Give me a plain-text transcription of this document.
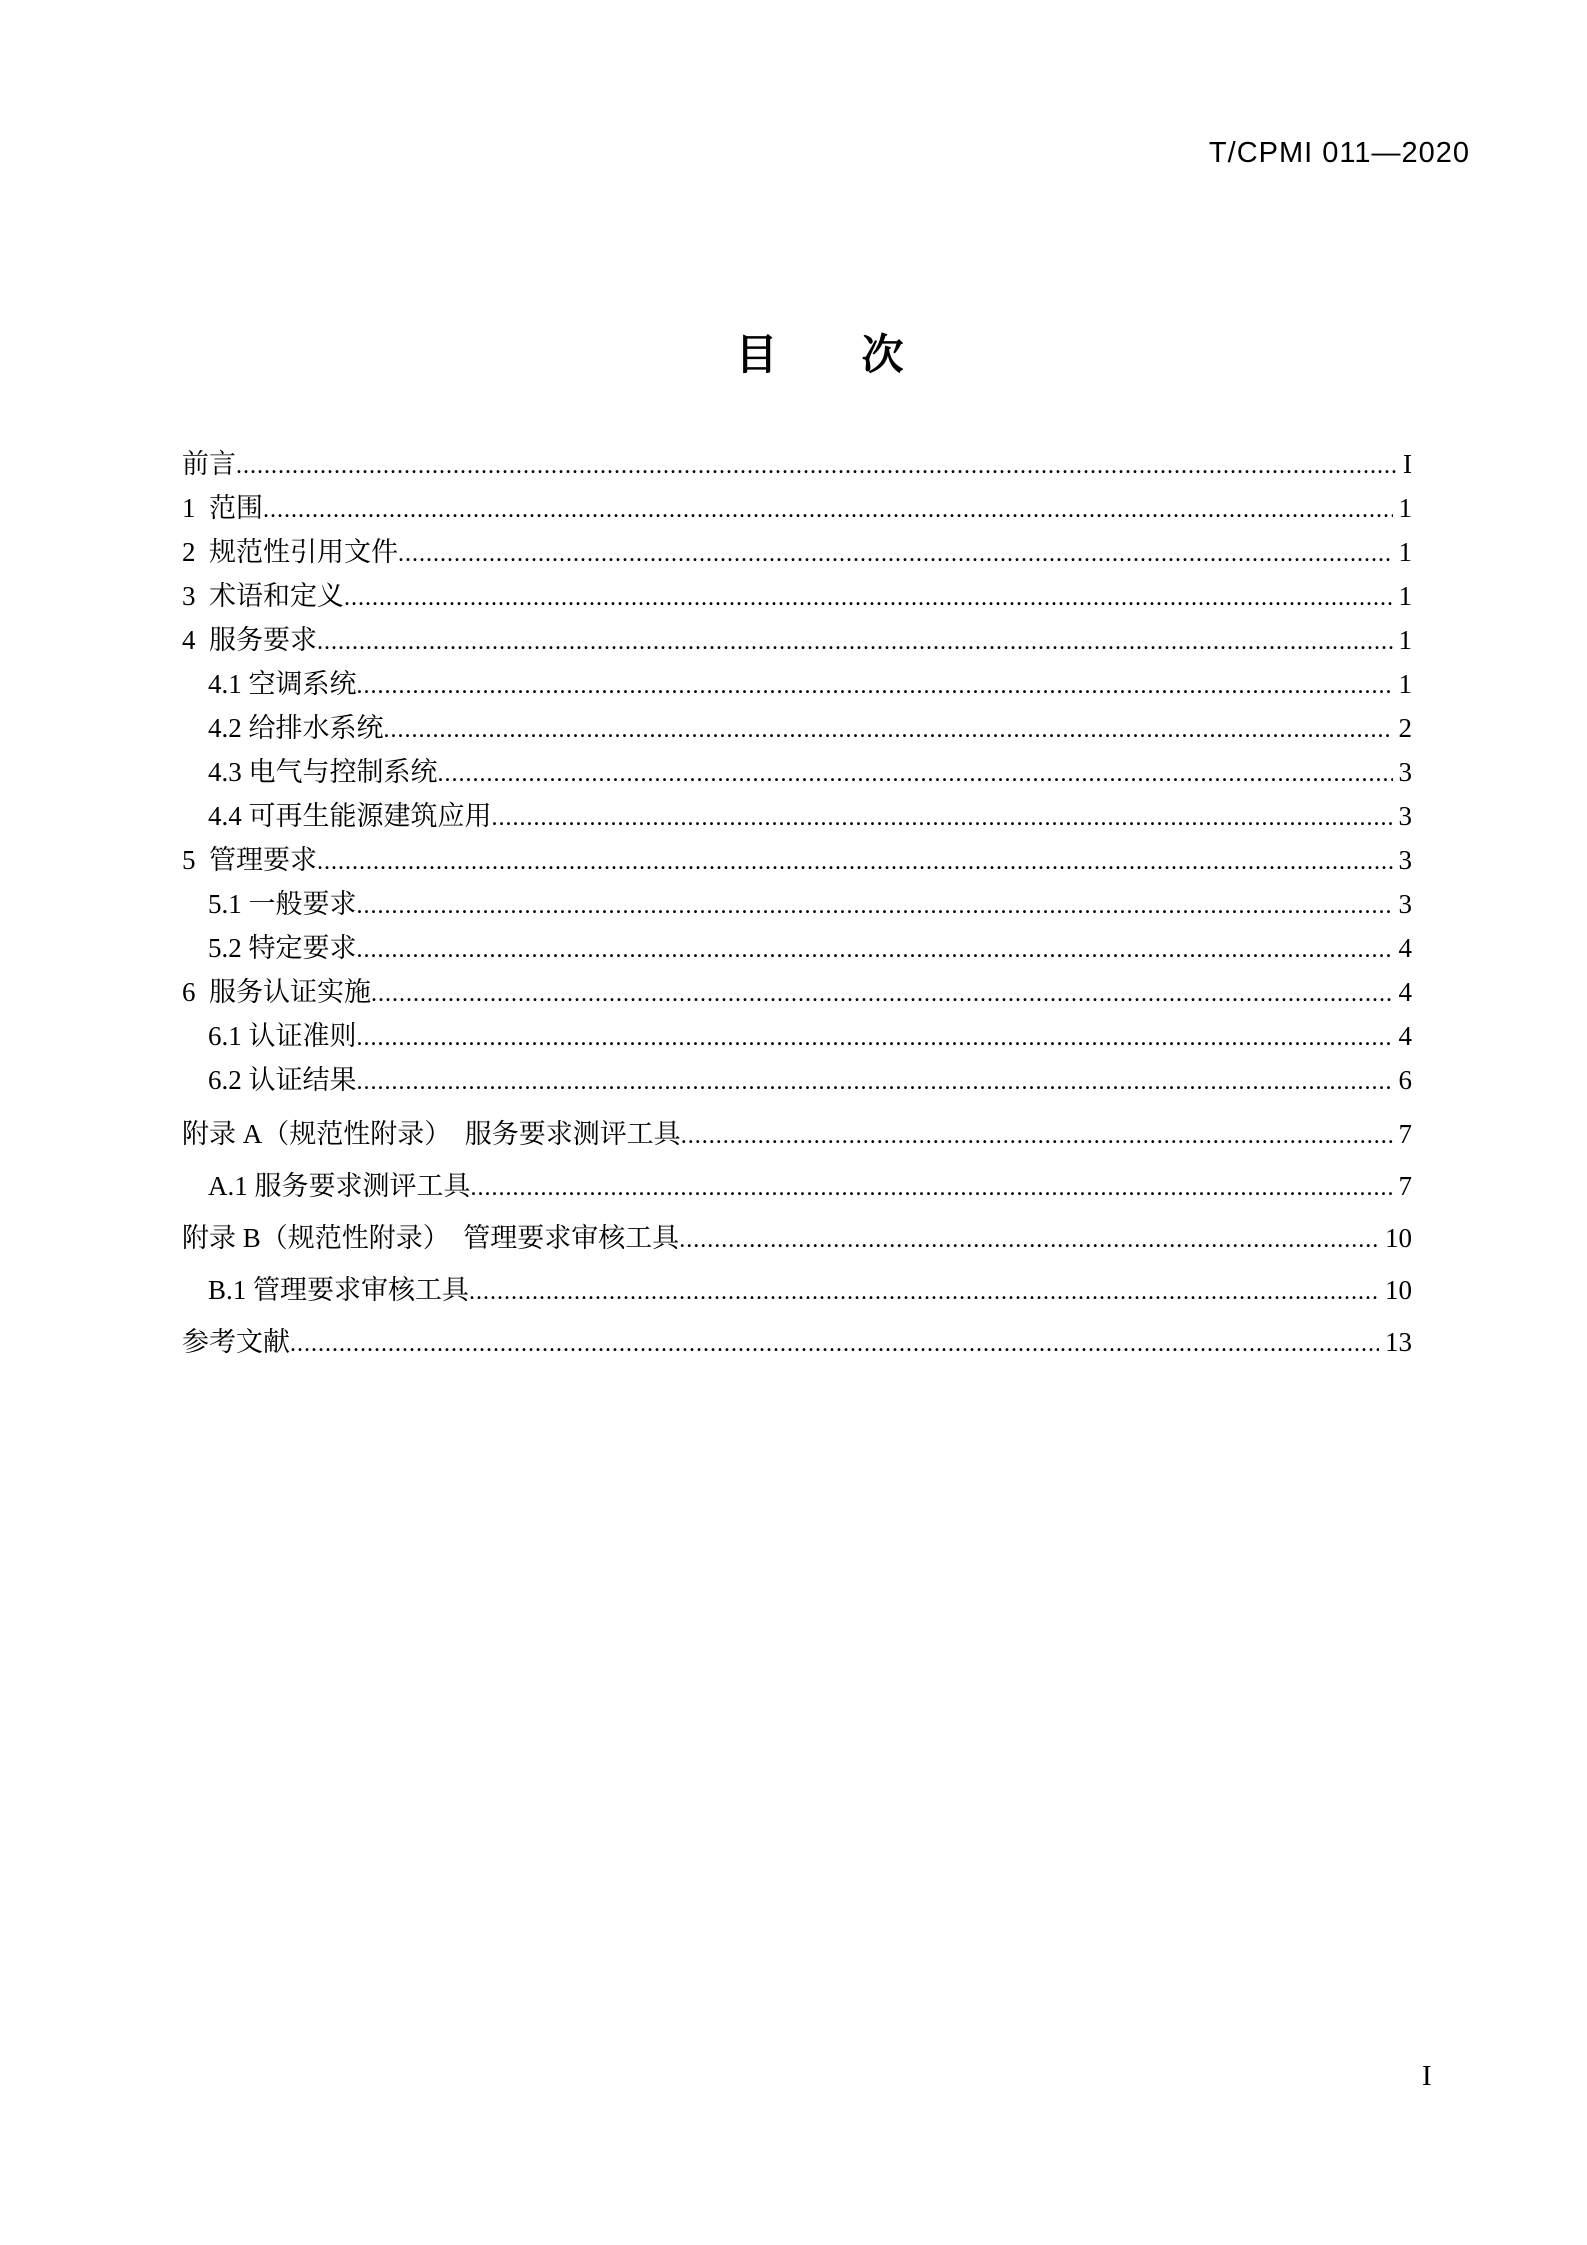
T/CPMI 011—2020
目　　次
前言 .....	I
1  范围 .....	1
2  规范性引用文件 .....	1
3  术语和定义 .....	1
4  服务要求 .....	1
4.1 空调系统 .....	1
4.2 给排水系统 .....	2
4.3 电气与控制系统 .....	3
4.4 可再生能源建筑应用 .....	3
5  管理要求 .....	3
5.1 一般要求 .....	3
5.2 特定要求 .....	4
6  服务认证实施 .....	4
6.1 认证准则 .....	4
6.2 认证结果 .....	6
附录 A（规范性附录）  服务要求测评工具 .....	7
A.1 服务要求测评工具 .....	7
附录 B（规范性附录）  管理要求审核工具 .....	10
B.1 管理要求审核工具 .....	10
参考文献 .....	13
I
